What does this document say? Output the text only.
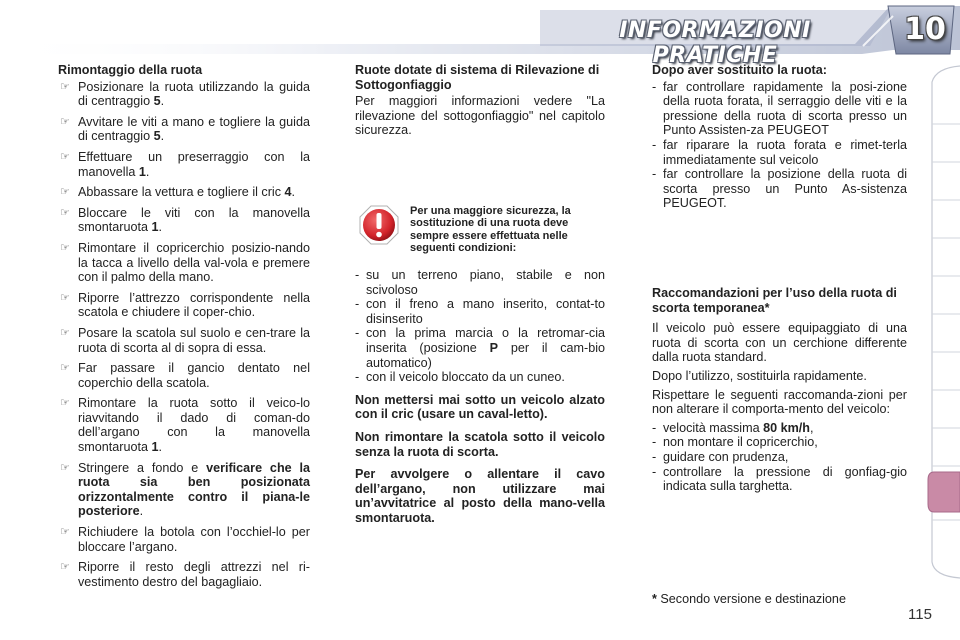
INFORMAZIONI PRATICHE
10
Rimontaggio della ruota
☞ Posizionare la ruota utilizzando la guida di centraggio 5.
☞ Avvitare le viti a mano e togliere la guida di centraggio 5.
☞ Effettuare un preserraggio con la manovella 1.
☞ Abbassare la vettura e togliere il cric 4.
☞ Bloccare le viti con la manovella smontaruota 1.
☞ Rimontare il copricerchio posizio-nando la tacca a livello della val-vola e premere con il palmo della mano.
☞ Riporre l’attrezzo corrispondente nella scatola e chiudere il coper-chio.
☞ Posare la scatola sul suolo e cen-trare la ruota di scorta al di sopra di essa.
☞ Far passare il gancio dentato nel coperchio della scatola.
☞ Rimontare la ruota sotto il veico-lo riavvitando il dado di coman-do dell’argano con la manovella smontaruota 1.
☞ Stringere a fondo e verificare che la ruota sia ben posizionata orizzontalmente contro il piana-le posteriore.
☞ Richiudere la botola con l’occhiel-lo per bloccare l’argano.
☞ Riporre il resto degli attrezzi nel ri-vestimento destro del bagagliaio.
Ruote dotate di sistema di Rilevazione di Sottogonfiaggio

Per maggiori informazioni vedere "La rilevazione del sottogonfiaggio" nel capitolo sicurezza.

Per una maggiore sicurezza, la sostituzione di una ruota deve sempre essere effettuata nelle seguenti condizioni:
- su un terreno piano, stabile e non scivoloso
- con il freno a mano inserito, contat-to disinserito
- con la prima marcia o la retromar-cia inserita (posizione P per il cam-bio automatico)
- con il veicolo bloccato da un cuneo.
Non mettersi mai sotto un veicolo alzato con il cric (usare un caval-letto).
Non rimontare la scatola sotto il veicolo senza la ruota di scorta.
Per avvolgere o allentare il cavo dell’argano, non utilizzare mai un’avvitatrice al posto della mano-vella smontaruota.
Dopo aver sostituito la ruota:
- far controllare rapidamente la posi-zione della ruota forata, il serraggio delle viti e la pressione della ruota di scorta presso un Punto Assisten-za PEUGEOT
- far riparare la ruota forata e rimet-terla immediatamente sul veicolo
- far controllare la posizione della ruota di scorta presso un Punto As-sistenza PEUGEOT.
Raccomandazioni per l’uso della ruota di scorta temporanea*

Il veicolo può essere equipaggiato di una ruota di scorta con un cerchione differente dalla ruota standard.

Dopo l’utilizzo, sostituirla rapidamente.

Rispettare le seguenti raccomanda-zioni per non alterare il comporta-mento del veicolo:

- velocità massima 80 km/h,
- non montare il copricerchio,
- guidare con prudenza,
- controllare la pressione di gonfiag-gio indicata sulla targhetta.
* Secondo versione e destinazione
115
